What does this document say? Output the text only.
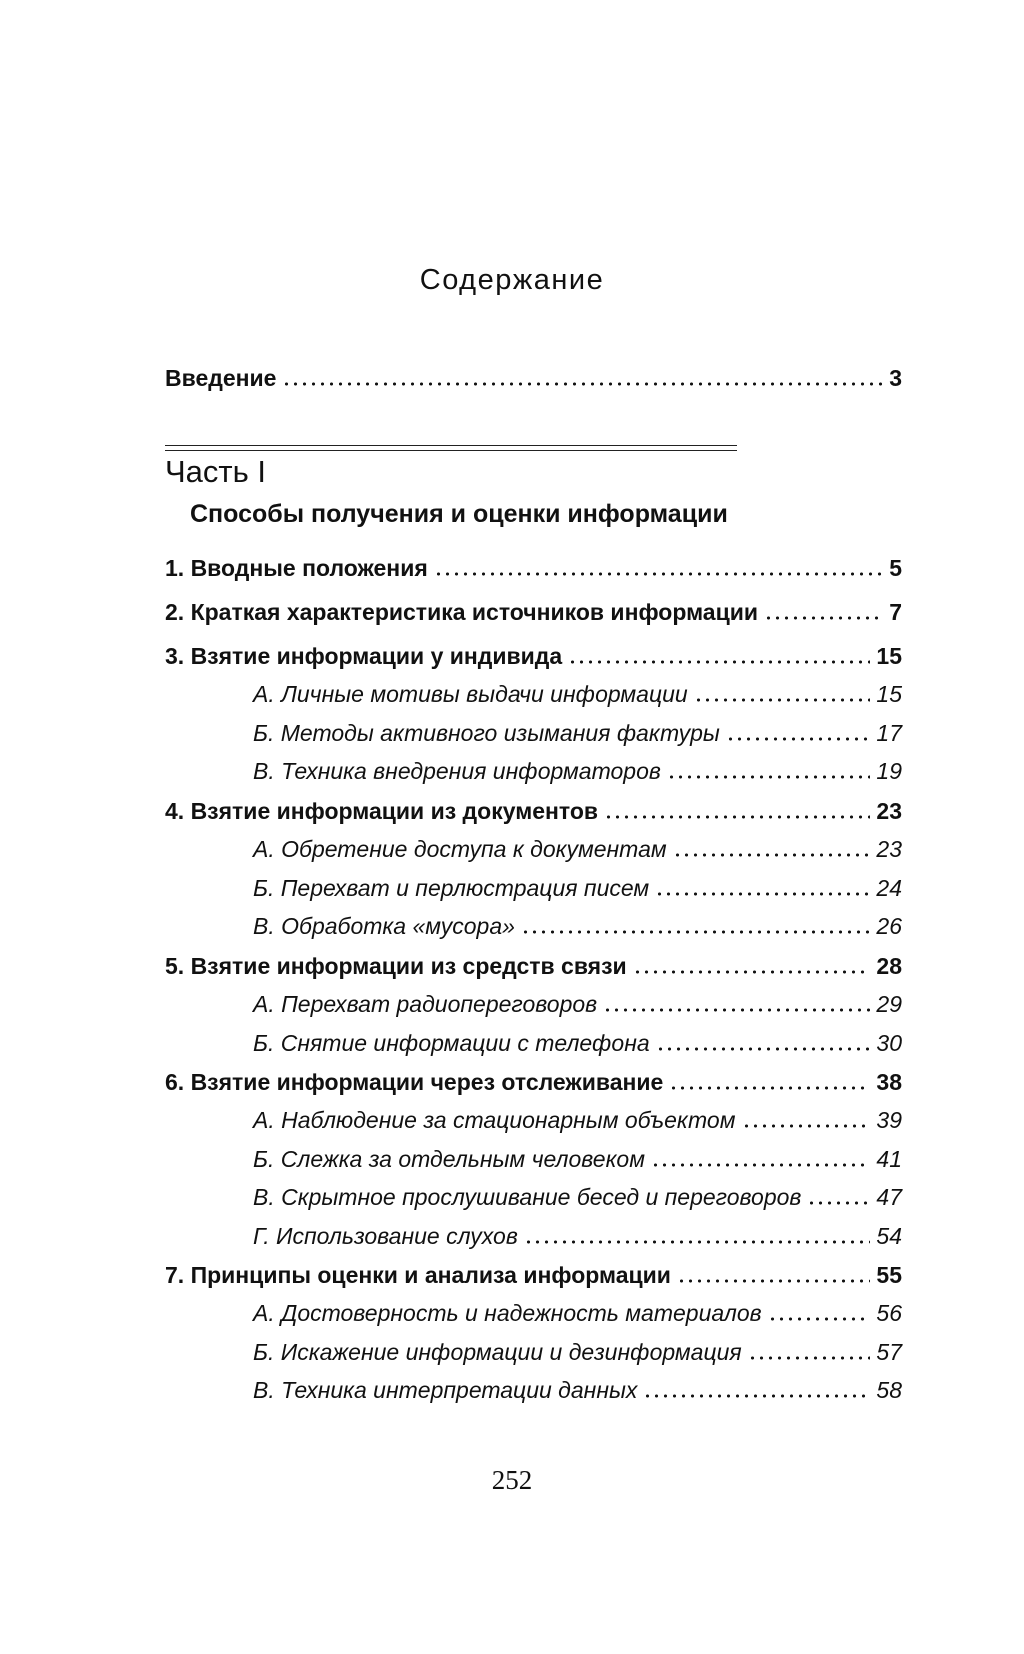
Содержание
Введение	3
Часть I
Способы получения и оценки информации
1. Вводные положения	5
2. Краткая характеристика источников информации	7
3. Взятие информации у индивида	15
А. Личные мотивы выдачи информации	15
Б. Методы активного изымания фактуры	17
В. Техника внедрения информаторов	19
4. Взятие информации из документов	23
А. Обретение доступа к документам	23
Б. Перехват и перлюстрация писем	24
В. Обработка «мусора»	26
5. Взятие информации из средств связи	28
А. Перехват радиопереговоров	29
Б. Снятие информации с телефона	30
6. Взятие информации через отслеживание	38
А. Наблюдение за стационарным объектом	39
Б. Слежка за отдельным человеком	41
В. Скрытное прослушивание бесед и переговоров	47
Г. Использование слухов	54
7. Принципы оценки и анализа информации	55
А. Достоверность и надежность материалов	56
Б. Искажение информации и дезинформация	57
В. Техника интерпретации данных	58
252
